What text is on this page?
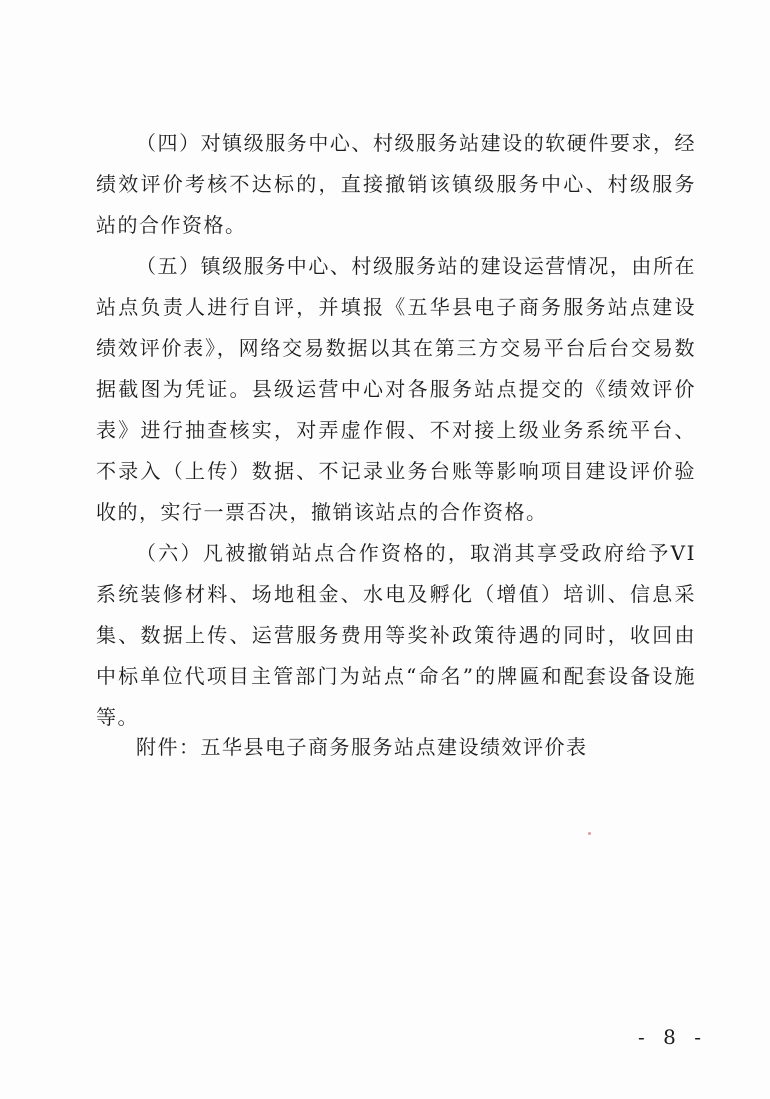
（四）对镇级服务中心、村级服务站建设的软硬件要求，经绩效评价考核不达标的，直接撤销该镇级服务中心、村级服务站的合作资格。

（五）镇级服务中心、村级服务站的建设运营情况，由所在站点负责人进行自评，并填报《五华县电子商务服务站点建设绩效评价表》，网络交易数据以其在第三方交易平台后台交易数据截图为凭证。县级运营中心对各服务站点提交的《绩效评价表》进行抽查核实，对弄虚作假、不对接上级业务系统平台、不录入（上传）数据、不记录业务台账等影响项目建设评价验收的，实行一票否决，撤销该站点的合作资格。

（六）凡被撤销站点合作资格的，取消其享受政府给予VI系统装修材料、场地租金、水电及孵化（增值）培训、信息采集、数据上传、运营服务费用等奖补政策待遇的同时，收回由中标单位代项目主管部门为站点“命名”的牌匾和配套设备设施等。

附件：五华县电子商务服务站点建设绩效评价表
- 8 -
